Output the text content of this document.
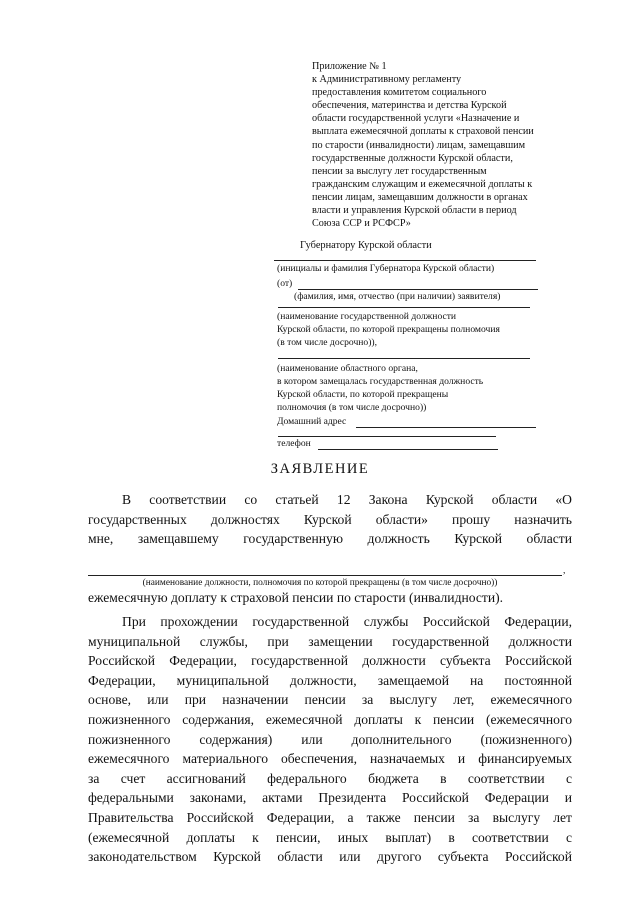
Приложение № 1
к Административному регламенту
предоставления комитетом социального
обеспечения, материнства и детства Курской
области государственной услуги «Назначение и
выплата ежемесячной доплаты к страховой пенсии
по старости (инвалидности) лицам, замещавшим
государственные должности Курской области,
пенсии за выслугу лет государственным
гражданским служащим и ежемесячной доплаты к
пенсии лицам, замещавшим должности в органах
власти и управления Курской области в период
Союза ССР и РСФСР»
Губернатору Курской области
(инициалы и фамилия Губернатора Курской области)
(от)
(фамилия, имя, отчество (при наличии) заявителя)
(наименование государственной должности
Курской области, по которой прекращены полномочия
(в том числе досрочно)),
(наименование областного органа,
в котором замещалась государственная должность
Курской области, по которой прекращены
полномочия (в том числе досрочно))
Домашний адрес
телефон
ЗАЯВЛЕНИЕ
В соответствии со статьей 12 Закона Курской области «О
государственных должностях Курской области» прошу назначить
мне, замещавшему государственную должность Курской области
,
(наименование должности, полномочия по которой прекращены (в том числе досрочно))
ежемесячную доплату к страховой пенсии по старости (инвалидности).
При прохождении государственной службы Российской Федерации,
муниципальной службы, при замещении государственной должности
Российской Федерации, государственной должности субъекта Российской
Федерации, муниципальной должности, замещаемой на постоянной
основе, или при назначении пенсии за выслугу лет, ежемесячного
пожизненного содержания, ежемесячной доплаты к пенсии (ежемесячного
пожизненного содержания) или дополнительного (пожизненного)
ежемесячного материального обеспечения, назначаемых и финансируемых
за счет ассигнований федерального бюджета в соответствии с
федеральными законами, актами Президента Российской Федерации и
Правительства Российской Федерации, а также пенсии за выслугу лет
(ежемесячной доплаты к пенсии, иных выплат) в соответствии с
законодательством Курской области или другого субъекта Российской
